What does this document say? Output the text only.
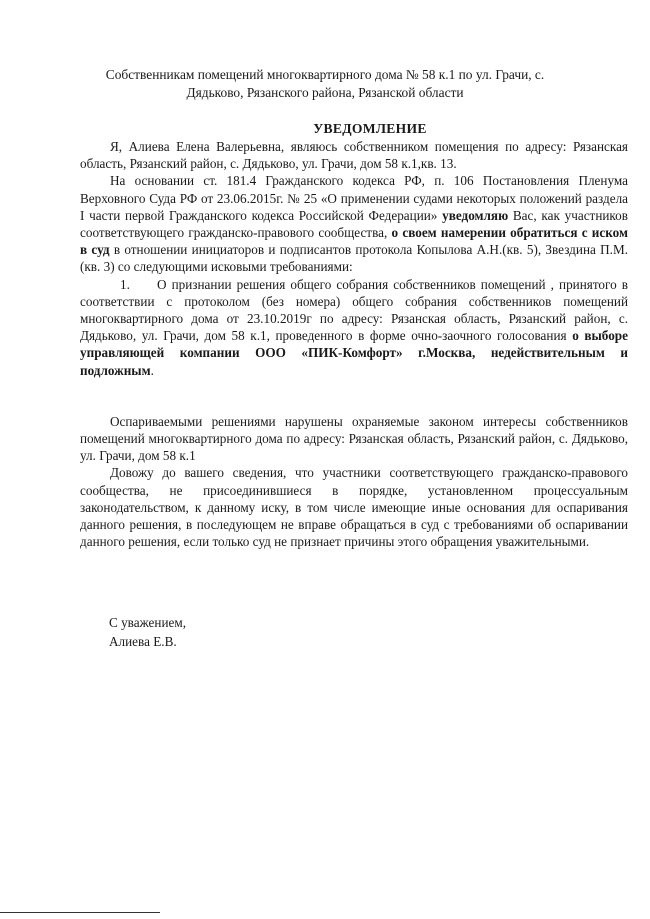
Собственникам помещений многоквартирного дома № 58 к.1 по ул. Грачи, с.
Дядьково, Рязанского района, Рязанской области
УВЕДОМЛЕНИЕ

Я, Алиева Елена Валерьевна, являюсь собственником помещения по адресу: Рязанская область, Рязанский район, с. Дядьково, ул. Грачи, дом 58 к.1,кв. 13.

На основании ст. 181.4 Гражданского кодекса РФ, п. 106 Постановления Пленума Верховного Суда РФ от 23.06.2015г. № 25 «О применении судами некоторых положений раздела I части первой Гражданского кодекса Российской Федерации» уведомляю Вас, как участников соответствующего гражданско-правового сообщества, о своем намерении обратиться с иском в суд в отношении инициаторов и подписантов протокола Копылова А.Н.(кв. 5), Звездина П.М. (кв. 3) со следующими исковыми требованиями:

1. О признании решения общего собрания собственников помещений , принятого в соответствии с протоколом (без номера) общего собрания собственников помещений многоквартирного дома от 23.10.2019г по адресу: Рязанская область, Рязанский район, с. Дядьково, ул. Грачи, дом 58 к.1, проведенного в форме очно-заочного голосования о выборе управляющей компании ООО «ПИК-Комфорт» г.Москва, недействительным и подложным.

Оспариваемыми решениями нарушены охраняемые законом интересы собственников помещений многоквартирного дома по адресу: Рязанская область, Рязанский район, с. Дядьково, ул. Грачи, дом 58 к.1

Довожу до вашего сведения, что участники соответствующего гражданско-правового сообщества, не присоединившиеся в порядке, установленном процессуальным законодательством, к данному иску, в том числе имеющие иные основания для оспаривания данного решения, в последующем не вправе обращаться в суд с требованиями об оспаривании данного решения, если только суд не признает причины этого обращения уважительными.

С уважением,
Алиева Е.В.
